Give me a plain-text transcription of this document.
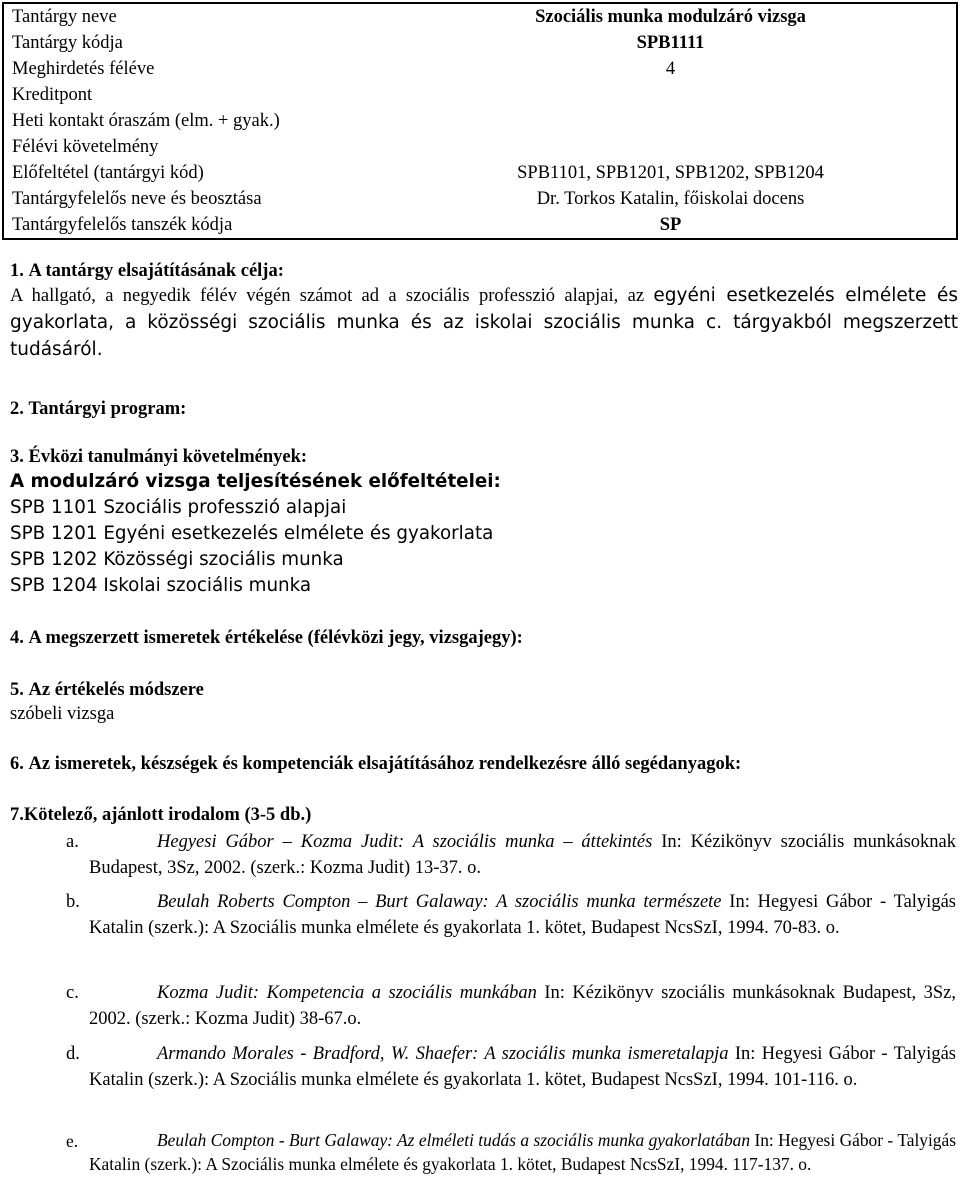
Tantárgy neve	Szociális munka modulzáró vizsga
Tantárgy kódja	SPB1111
Meghirdetés féléve	4
Kreditpont	
Heti kontakt óraszám (elm. + gyak.)	
Félévi követelmény	
Előfeltétel (tantárgyi kód)	SPB1101, SPB1201, SPB1202, SPB1204
Tantárgyfelelős neve és beosztása	Dr. Torkos Katalin, főiskolai docens
Tantárgyfelelős tanszék kódja	SP
1. A tantárgy elsajátításának célja:
A hallgató, a negyedik félév végén számot ad a szociális professzió alapjai, az egyéni esetkezelés elmélete és gyakorlata, a közösségi szociális munka és az iskolai szociális munka c. tárgyakból megszerzett tudásáról.
2. Tantárgyi program:
3. Évközi tanulmányi követelmények:
A modulzáró vizsga teljesítésének előfeltételei:
SPB 1101 Szociális professzió alapjai
SPB 1201 Egyéni esetkezelés elmélete és gyakorlata
SPB 1202 Közösségi szociális munka
SPB 1204 Iskolai szociális munka
4. A megszerzett ismeretek értékelése (félévközi jegy, vizsgajegy):
5. Az értékelés módszere
szóbeli vizsga
6. Az ismeretek, készségek és kompetenciák elsajátításához rendelkezésre álló segédanyagok:
7.Kötelező, ajánlott irodalom (3-5 db.)
a.	Hegyesi Gábor – Kozma Judit: A szociális munka – áttekintés In: Kézikönyv szociális munkásoknak Budapest, 3Sz, 2002. (szerk.: Kozma Judit) 13-37. o.
b.	Beulah Roberts Compton – Burt Galaway: A szociális munka természete In: Hegyesi Gábor - Talyigás Katalin (szerk.): A Szociális munka elmélete és gyakorlata 1. kötet, Budapest NcsSzI, 1994. 70-83. o.
c.	Kozma Judit: Kompetencia a szociális munkában In: Kézikönyv szociális munkásoknak Budapest, 3Sz, 2002. (szerk.: Kozma Judit) 38-67.o.
d.	Armando Morales - Bradford, W. Shaefer: A szociális munka ismeretalapja In: Hegyesi Gábor - Talyigás Katalin (szerk.): A Szociális munka elmélete és gyakorlata 1. kötet, Budapest NcsSzI, 1994. 101-116. o.
e.	Beulah Compton - Burt Galaway: Az elméleti tudás a szociális munka gyakorlatában In: Hegyesi Gábor - Talyigás Katalin (szerk.): A Szociális munka elmélete és gyakorlata 1. kötet, Budapest NcsSzI, 1994. 117-137. o.
